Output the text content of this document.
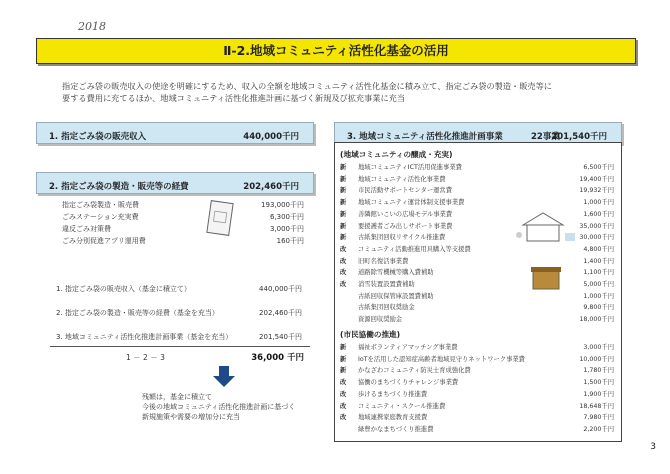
2018
Ⅱ-2.地域コミュニティ活性化基金の活用
指定ごみ袋の販売収入の使途を明確にするため、収入の全額を地域コミュニティ活性化基金に積み立て、指定ごみ袋の製造・販売等に
要する費用に充てるほか、地域コミュニティ活性化推進計画に基づく新規及び拡充事業に充当
1. 指定ごみ袋の販売収入	440,000千円
2. 指定ごみ袋の製造・販売等の経費	202,460千円
指定ごみ袋製造・販売費	193,000千円
ごみステーション充実費	6,300千円
違反ごみ対策費	3,000千円
ごみ分別促進アプリ運用費	160千円
1. 指定ごみ袋の販売収入（基金に積立て）	440,000千円
2. 指定ごみ袋の製造・販売等の経費（基金を充当）	202,460千円
3. 地域コミュニティ活性化推進計画事業（基金を充当）	201,540千円
1 － 2 － 3	36,000 千円
残額は，基金に積立て
今後の地域コミュニティ活性化推進計画に基づく
新規施策や需要の増加分に充当
3. 地域コミュニティ活性化推進計画事業	22事業
201,540千円
(地域コミュニティの醸成・充実)
新	地域コミュニティICT活用促進事業費	6,500千円
新	地域コミュニティ活性化事業費	19,400千円
新	市民活動サポートセンター運営費	19,932千円
新	地域コミュニティ運営体制支援事業費	1,000千円
新	善隣館いこいの広場モデル事業費	1,600千円
新	要援護者ごみ出しサポート事業費	35,000千円
新	古紙集団回収リサイクル推進費	30,000千円
改	コミュニティ活動推進用具購入等支援費	4,800千円
改	旧町名復活事業費	1,400千円
改	道路除雪機械等購入費補助	1,100千円
改	消雪装置設置費補助	5,000千円
古紙回収保管庫設置費補助	1,000千円
古紙集団回収奨励金	9,800千円
資源回収奨励金	18,000千円
(市民協働の推進)
新	福祉ボランティアマッチング事業費	3,000千円
新	IoTを活用した認知症高齢者地域見守りネットワーク事業費	10,000千円
新	かなざわコミュニティ防災士育成強化費	1,780千円
改	協働のまちづくりチャレンジ事業費	1,500千円
改	歩けるまちづくり推進費	1,900千円
改	コミュニティ・スクール推進費	18,648千円
改	地域連携家庭教育支援費	7,980千円
緑豊かなまちづくり推進費	2,200千円
3
